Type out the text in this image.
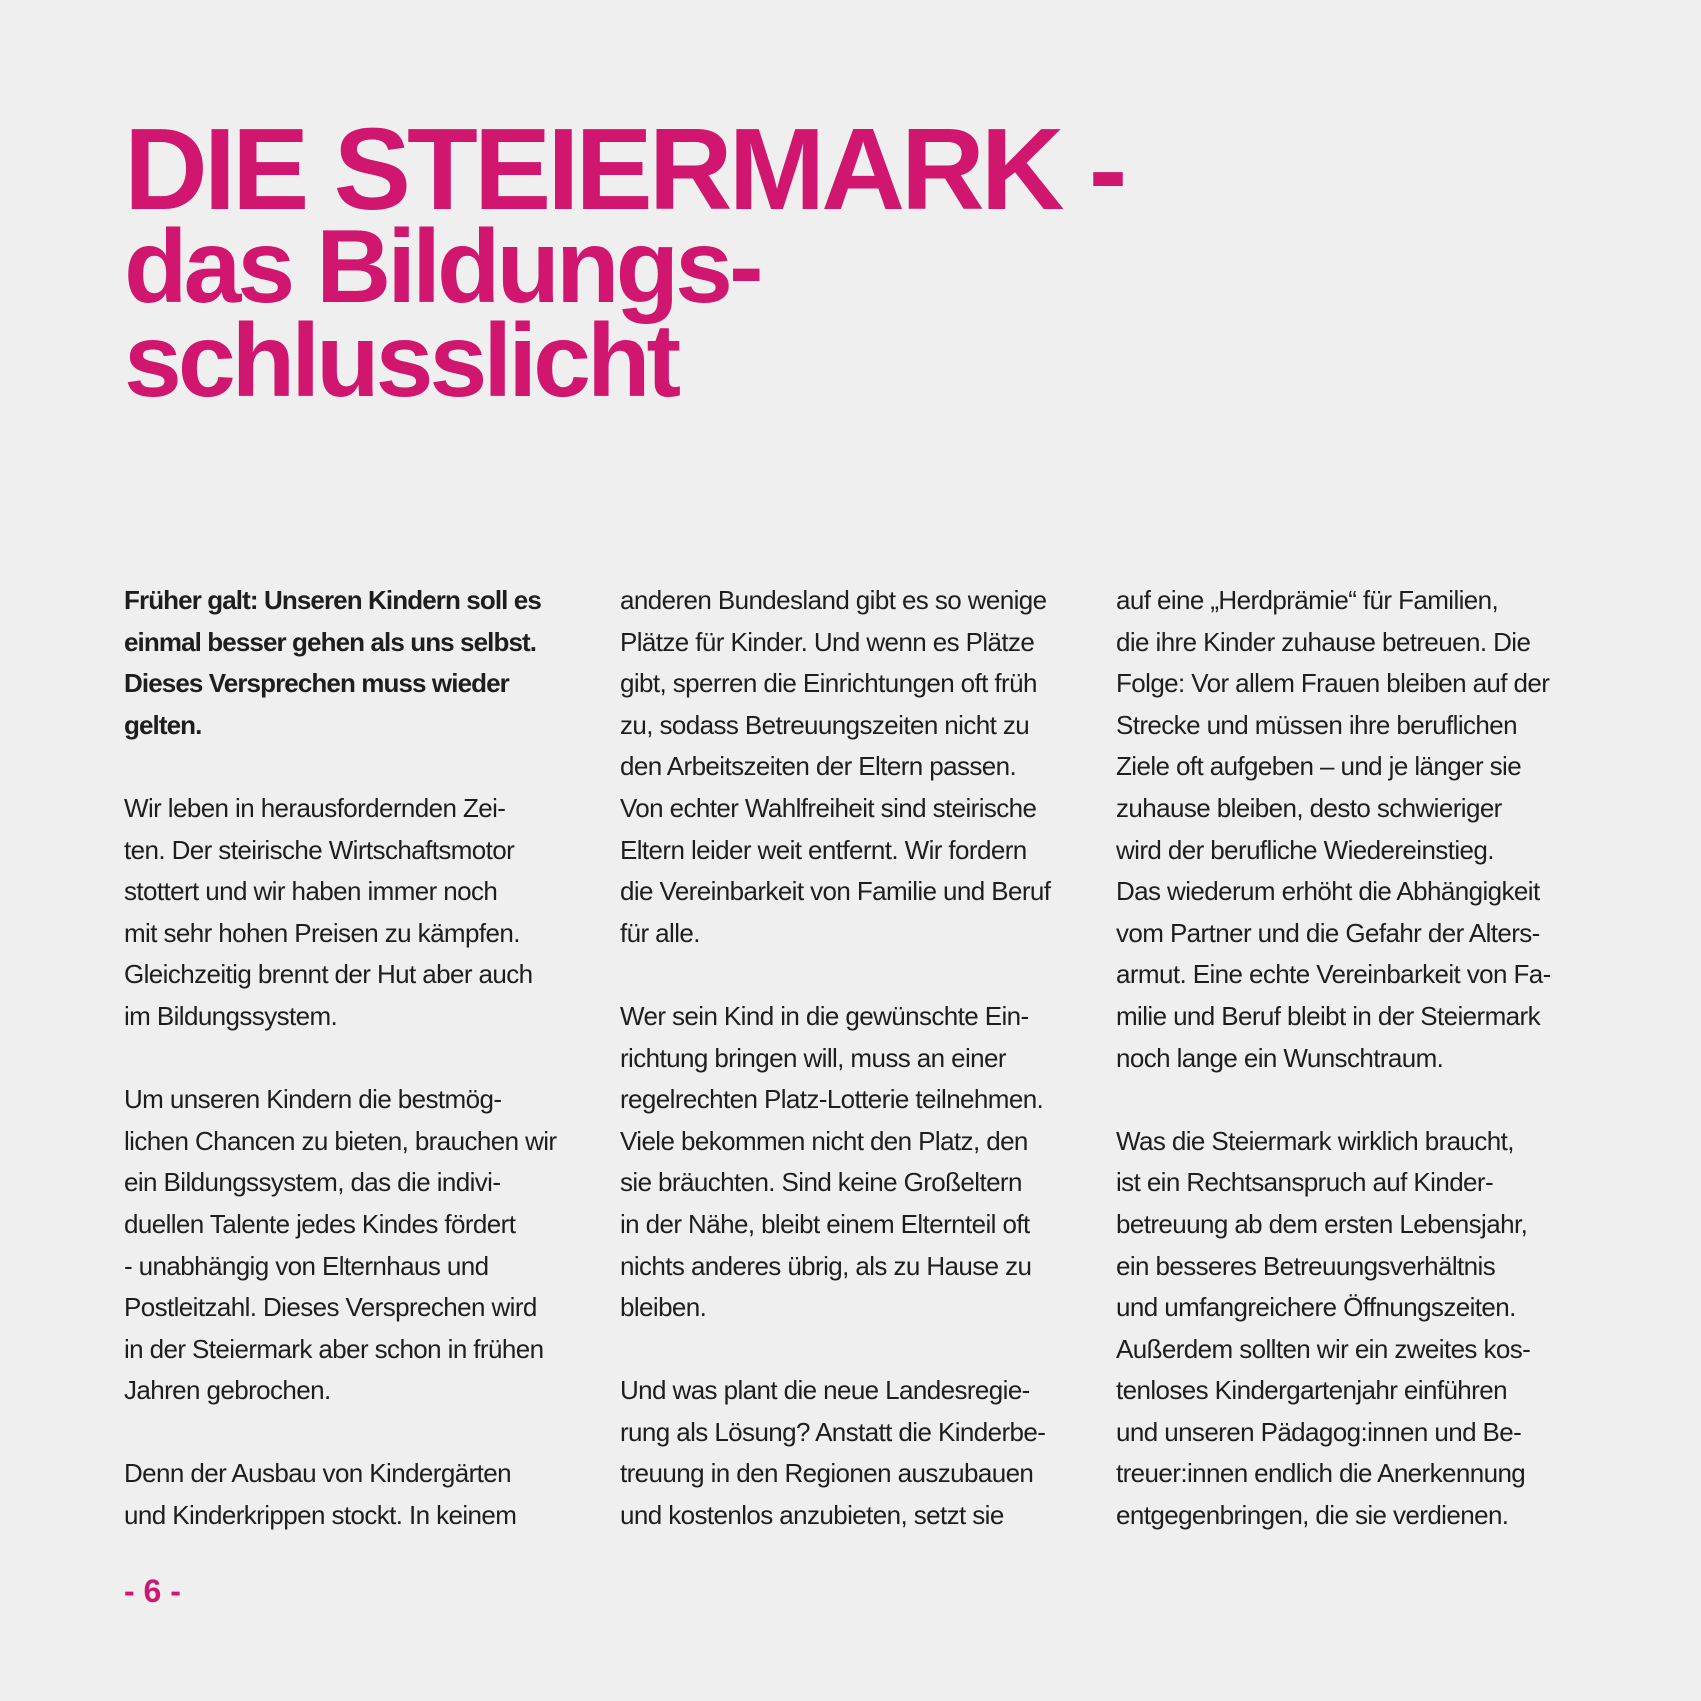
DIE STEIERMARK -
das Bildungs-
schlusslicht

Früher galt: Unseren Kindern soll es
einmal besser gehen als uns selbst.
Dieses Versprechen muss wieder
gelten.

Wir leben in herausfordernden Zei-
ten. Der steirische Wirtschaftsmotor
stottert und wir haben immer noch
mit sehr hohen Preisen zu kämpfen.
Gleichzeitig brennt der Hut aber auch
im Bildungssystem.

Um unseren Kindern die bestmög-
lichen Chancen zu bieten, brauchen wir
ein Bildungssystem, das die indivi-
duellen Talente jedes Kindes fördert
- unabhängig von Elternhaus und
Postleitzahl. Dieses Versprechen wird
in der Steiermark aber schon in frühen
Jahren gebrochen.

Denn der Ausbau von Kindergärten
und Kinderkrippen stockt. In keinem

anderen Bundesland gibt es so wenige
Plätze für Kinder. Und wenn es Plätze
gibt, sperren die Einrichtungen oft früh
zu, sodass Betreuungszeiten nicht zu
den Arbeitszeiten der Eltern passen.
Von echter Wahlfreiheit sind steirische
Eltern leider weit entfernt. Wir fordern
die Vereinbarkeit von Familie und Beruf
für alle.

Wer sein Kind in die gewünschte Ein-
richtung bringen will, muss an einer
regelrechten Platz-Lotterie teilnehmen.
Viele bekommen nicht den Platz, den
sie bräuchten. Sind keine Großeltern
in der Nähe, bleibt einem Elternteil oft
nichts anderes übrig, als zu Hause zu
bleiben.

Und was plant die neue Landesregie-
rung als Lösung? Anstatt die Kinderbe-
treuung in den Regionen auszubauen
und kostenlos anzubieten, setzt sie

auf eine „Herdprämie“ für Familien,
die ihre Kinder zuhause betreuen. Die
Folge: Vor allem Frauen bleiben auf der
Strecke und müssen ihre beruflichen
Ziele oft aufgeben – und je länger sie
zuhause bleiben, desto schwieriger
wird der berufliche Wiedereinstieg.
Das wiederum erhöht die Abhängigkeit
vom Partner und die Gefahr der Alters-
armut. Eine echte Vereinbarkeit von Fa-
milie und Beruf bleibt in der Steiermark
noch lange ein Wunschtraum.

Was die Steiermark wirklich braucht,
ist ein Rechtsanspruch auf Kinder-
betreuung ab dem ersten Lebensjahr,
ein besseres Betreuungsverhältnis
und umfangreichere Öffnungszeiten.
Außerdem sollten wir ein zweites kos-
tenloses Kindergartenjahr einführen
und unseren Pädagog:innen und Be-
treuer:innen endlich die Anerkennung
entgegenbringen, die sie verdienen.

- 6 -
